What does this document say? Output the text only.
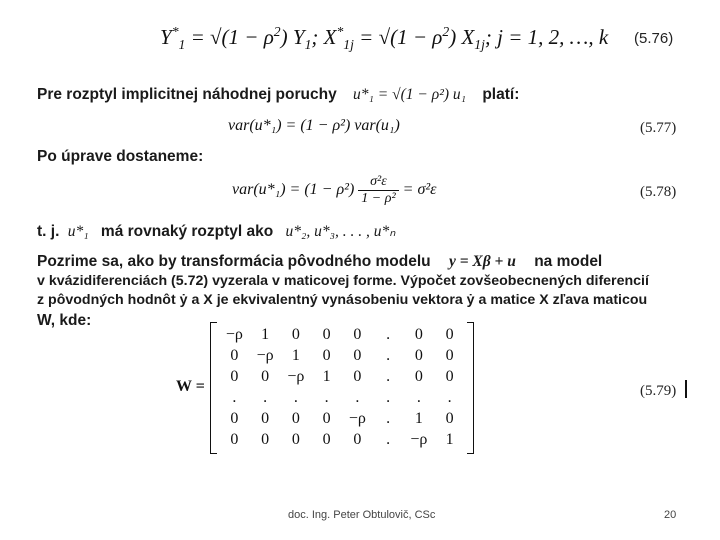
$Y^*_1 = √(1 - \rho^2)$ $Y_1$; $X^*_{1j} = √(1 - \rho^2)$ $X_{1j}$; j = 1, 2, …, k (5.76)
Pre rozptyl implicitnej náhodnej poruchy u*₁ = √(1 − ρ²) u₁ platí:
var(u*₁) = (1 − ρ²) var(u₁)	(5.77)
Po úprave dostaneme:
$var(u*_1) = (1 - \rho^2) \frac{\text{σ²ε}}{\text{1 − ρ²}} = \sigma^2\varepsilon$	(5.78)
t. j. u*₁ má rovnaký rozptyl ako u*₂, u*₃, . . . , u*ₙ
Pozrime sa, ako by transformácia pôvodného modelu y = Xβ + u na model
v kvázidiferenciách (5.72) vyzerala v maticovej forme. Výpočet zovšeobecnených diferencií
z pôvodných hodnôt ẏ a X je ekvivalentný vynásobeniu vektora ẏ a matice X zľava maticou
W, kde:
W =
−ρ	1	0	0	0	.	0	0
0	−ρ	1	0	0	.	0	0
0	0	−ρ	1	0	.	0	0
.	.	.	.	.	.	.	.
0	0	0	0	−ρ	.	1	0
0	0	0	0	0	.	−ρ	1
(5.79)
doc. Ing. Peter Obtulovič, CSc	20
